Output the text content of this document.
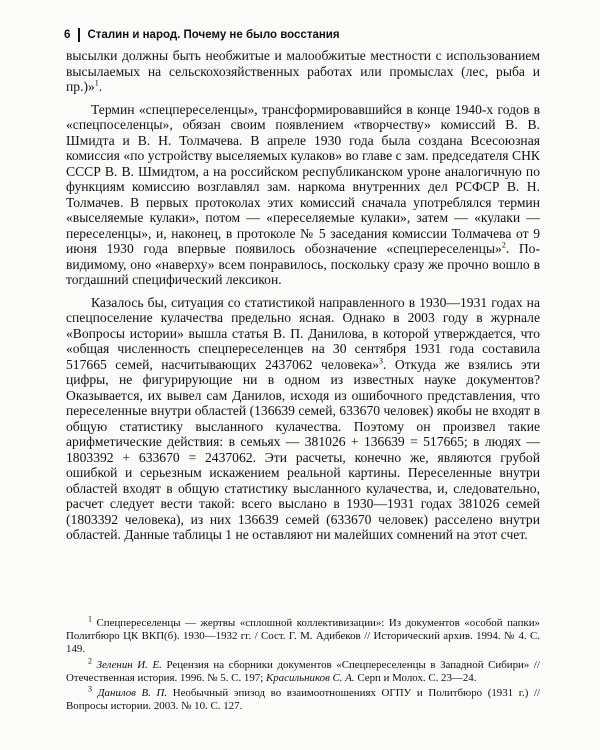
6	Сталин и народ. Почему не было восстания

высылки должны быть необжитые и малообжитые местности с использованием высылаемых на сельскохозяйственных работах или промыслах (лес, рыба и пр.)»$^1$.

Термин «спецпереселенцы», трансформировавшийся в конце 1940-х годов в «спецпоселенцы», обязан своим появлением «творчеству» комиссий В. В. Шмидта и В. Н. Толмачева. В апреле 1930 года была создана Всесоюзная комиссия «по устройству выселяемых кулаков» во главе с зам. председателя СНК СССР В. В. Шмидтом, а на российском республиканском уроне аналогичную по функциям комиссию возглавлял зам. наркома внутренних дел РСФСР В. Н. Толмачев. В первых протоколах этих комиссий сначала употреблялся термин «выселяемые кулаки», потом — «переселяемые кулаки», затем — «кулаки — переселенцы», и, наконец, в протоколе № 5 заседания комиссии Толмачева от 9 июня 1930 года впервые появилось обозначение «спецпереселенцы»$^2$. По-видимому, оно «наверху» всем понравилось, поскольку сразу же прочно вошло в тогдашний специфический лексикон.

Казалось бы, ситуация со статистикой направленного в 1930—1931 годах на спецпоселение кулачества предельно ясная. Однако в 2003 году в журнале «Вопросы истории» вышла статья В. П. Данилова, в которой утверждается, что «общая численность спецпереселенцев на 30 сентября 1931 года составила 517665 семей, насчитывающих 2437062 человека»$^3$. Откуда же взялись эти цифры, не фигурирующие ни в одном из известных науке документов? Оказывается, их вывел сам Данилов, исходя из ошибочного представления, что переселенные внутри областей (136639 семей, 633670 человек) якобы не входят в общую статистику высланного кулачества. Поэтому он произвел такие арифметические действия: в семьях — 381026 + 136639 = 517665; в людях — 1803392 + 633670 = 2437062. Эти расчеты, конечно же, являются грубой ошибкой и серьезным искажением реальной картины. Переселенные внутри областей входят в общую статистику высланного кулачества, и, следовательно, расчет следует вести такой: всего выслано в 1930—1931 годах 381026 семей (1803392 человека), из них 136639 семей (633670 человек) расселено внутри областей. Данные таблицы 1 не оставляют ни малейших сомнений на этот счет.

$^1$ Спецпереселенцы — жертвы «сплошной коллективизации»: Из документов «особой папки» Политбюро ЦК ВКП(б). 1930—1932 гг. / Сост. Г. М. Адибеков // Исторический архив. 1994. № 4. С. 149.

$^2$ Зеленин И. Е. Рецензия на сборники документов «Спецпереселенцы в Западной Сибири» // Отечественная история. 1996. № 5. С. 197; Красильников С. А. Серп и Молох. С. 23—24.

$^3$ Данилов В. П. Необычный эпизод во взаимоотношениях ОГПУ и Политбюро (1931 г.) // Вопросы истории. 2003. № 10. С. 127.
